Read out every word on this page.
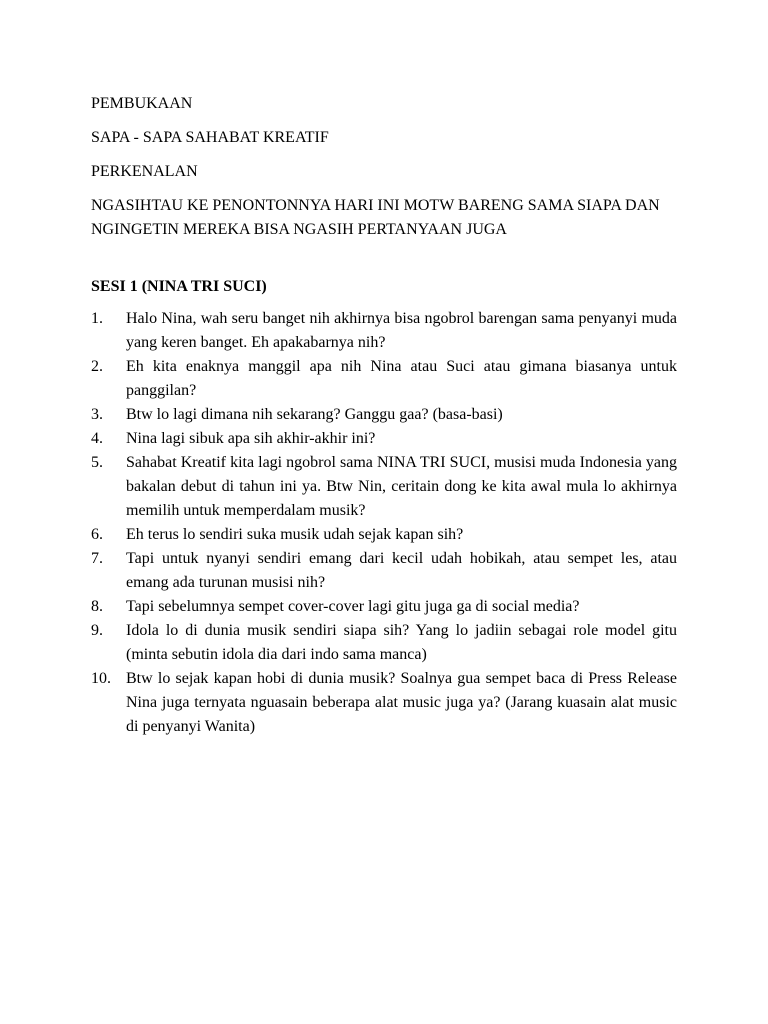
PEMBUKAAN

SAPA - SAPA SAHABAT KREATIF

PERKENALAN

NGASIHTAU KE PENONTONNYA HARI INI MOTW BARENG SAMA SIAPA DAN NGINGETIN MEREKA BISA NGASIH PERTANYAAN JUGA

SESI 1 (NINA TRI SUCI)

1.	Halo Nina, wah seru banget nih akhirnya bisa ngobrol barengan sama penyanyi muda yang keren banget. Eh apakabarnya nih?
2.	Eh kita enaknya manggil apa nih Nina atau Suci atau gimana biasanya untuk panggilan?
3.	Btw lo lagi dimana nih sekarang? Ganggu gaa? (basa-basi)
4.	Nina lagi sibuk apa sih akhir-akhir ini?
5.	Sahabat Kreatif kita lagi ngobrol sama NINA TRI SUCI, musisi muda Indonesia yang bakalan debut di tahun ini ya. Btw Nin, ceritain dong ke kita awal mula lo akhirnya memilih untuk memperdalam musik?
6.	Eh terus lo sendiri suka musik udah sejak kapan sih?
7.	Tapi untuk nyanyi sendiri emang dari kecil udah hobikah, atau sempet les, atau emang ada turunan musisi nih?
8.	Tapi sebelumnya sempet cover-cover lagi gitu juga ga di social media?
9.	Idola lo di dunia musik sendiri siapa sih? Yang lo jadiin sebagai role model gitu (minta sebutin idola dia dari indo sama manca)
10. Btw lo sejak kapan hobi di dunia musik? Soalnya gua sempet baca di Press Release Nina juga ternyata nguasain beberapa alat music juga ya? (Jarang kuasain alat music di penyanyi Wanita)
